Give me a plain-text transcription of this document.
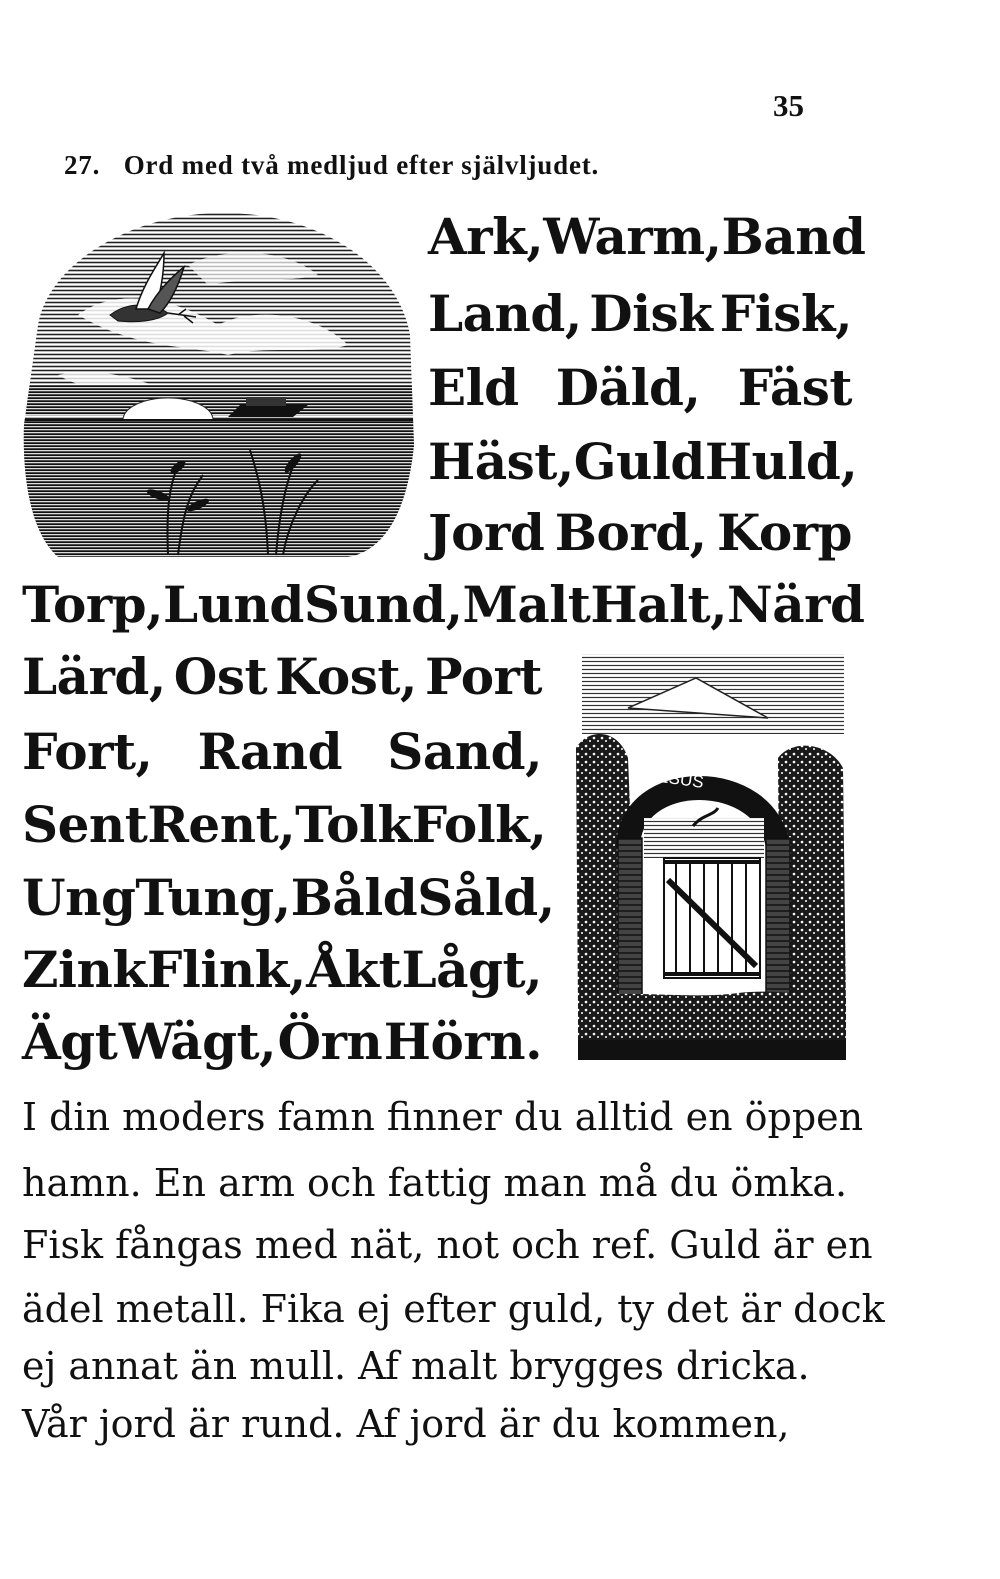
35
27. Ord med två medljud efter självljudet.
Ark, Warm, Band
Land, Disk Fisk,
Eld Däld, Fäst
Häst, Guld Huld,
Jord Bord, Korp
Torp, Lund Sund, Malt Halt, Närd
Lärd, Ost Kost, Port
Fort, Rand Sand,
Sent Rent, Tolk Folk,
Ung Tung, Båld Såld,
Zink Flink, Åkt Lågt,
Ägt Wägt, Örn Hörn.
JESUS
I din moders famn finner du alltid en öppen
hamn. En arm och fattig man må du ömka.
Fisk fångas med nät, not och ref. Guld är en
ädel metall. Fika ej efter guld, ty det är dock
ej annat än mull. Af malt brygges dricka.
Vår jord är rund. Af jord är du kommen,
